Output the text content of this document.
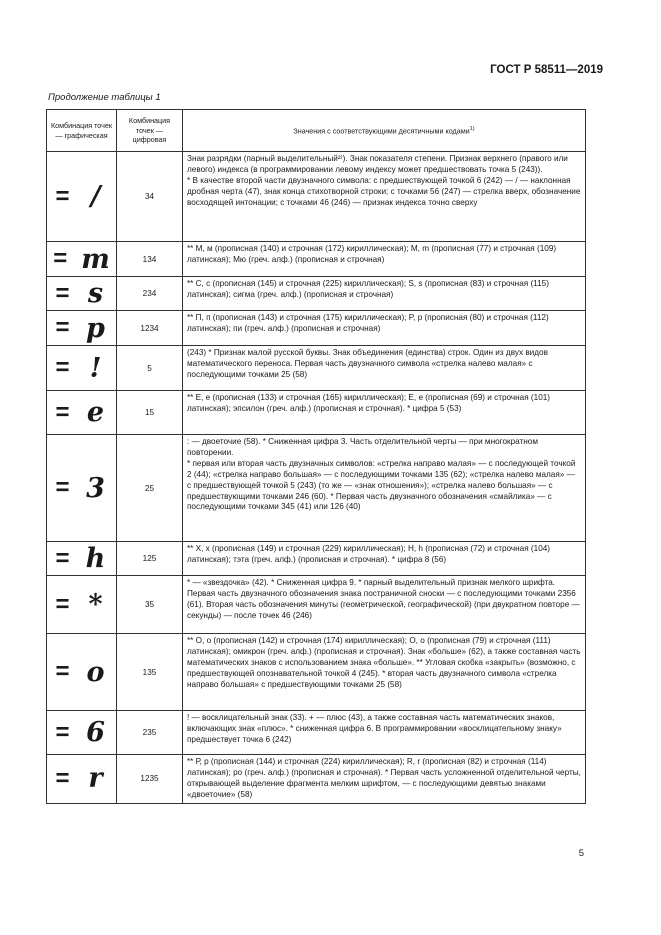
ГОСТ Р 58511—2019
Продолжение таблицы 1
Комбинация точек — графическая	Комбинация точек — цифровая	Значения с соответствующими десятичными кодами$^{1)}$

= /	34	Знак разрядки (парный выделительный²⁾). Знак показателя степени. Признак верхнего (правого или левого) индекса (в программировании левому индексу может предшествовать точка 5 (243)).
* В качестве второй части двузначного символа: с предшествующей точкой 6 (242) — / — наклонная дробная черта (47), знак конца стихотворной строки; с точками 56 (247) — стрелка вверх, обозначение восходящей интонации; с точками 46 (246) — признак индекса точно сверху

= m	134	** М, м (прописная (140) и строчная (172) кириллическая); M, m (прописная (77) и строчная (109) латинская); Мю (греч. алф.) (прописная и строчная)

= s	234	** С, с (прописная (145) и строчная (225) кириллическая); S, s (прописная (83) и строчная (115) латинская); сигма (греч. алф.) (прописная и строчная)

= p	1234	** П, п (прописная (143) и строчная (175) кириллическая); P, p (прописная (80) и строчная (112) латинская); пи (греч. алф.) (прописная и строчная)

= !	5	(243) * Признак малой русской буквы. Знак объединения (единства) строк. Один из двух видов математического переноса. Первая часть двузначного символа «стрелка налево малая» с последующими точками 25 (58)

= e	15	** Е, е (прописная (133) и строчная (165) кириллическая); E, e (прописная (69) и строчная (101) латинская); эпсилон (греч. алф.) (прописная и строчная). * цифра 5 (53)

= 3	25	: — двоеточие (58). * Сниженная цифра 3. Часть отделительной черты — при многократном повторении.
* первая или вторая часть двузначных символов: «стрелка направо малая» — с последующей точкой 2 (44); «стрелка направо большая» — с последующими точками 135 (62); «стрелка налево малая» — с предшествующей точкой 5 (243) (то же — «знак отношения»); «стрелка налево большая» — с предшествующими точками 246 (60). * Первая часть двузначного обозначения «смайлика» — с последующими точками 345 (41) или 126 (40)

= h	125	** Х, х (прописная (149) и строчная (229) кириллическая); H, h (прописная (72) и строчная (104) латинская); тэта (греч. алф.) (прописная и строчная). * цифра 8 (56)

= *	35	* — «звездочка» (42). * Сниженная цифра 9. * парный выделительный признак мелкого шрифта. Первая часть двузначного обозначения знака постраничной сноски — с последующими точками 2356 (61). Вторая часть обозначения минуты (геометрической, географической) (при двукратном повторе — секунды) — после точек 46 (246)

= o	135	** О, о (прописная (142) и строчная (174) кириллическая); O, o (прописная (79) и строчная (111) латинская); омикрон (греч. алф.) (прописная и строчная). Знак «больше» (62), а также составная часть математических знаков с использованием знака «больше». ** Угловая скобка «закрыть» (возможно, с предшествующей опознавательной точкой 4 (245). * вторая часть двузначного символа «стрелка направо большая» с предшествующими точками 25 (58)

= 6	235	! — восклицательный знак (33). + — плюс (43), а также составная часть математических знаков, включающих знак «плюс». * сниженная цифра 6. В программировании «восклицательному знаку» предшествует точка 6 (242)

= r	1235	** Р, р (прописная (144) и строчная (224) кириллическая); R, r (прописная (82) и строчная (114) латинская); ро (греч. алф.) (прописная и строчная). * Первая часть усложненной отделительной черты, открывающей выделение фрагмента мелким шрифтом, — с последующими девятью знаками «двоеточие» (58)
5
